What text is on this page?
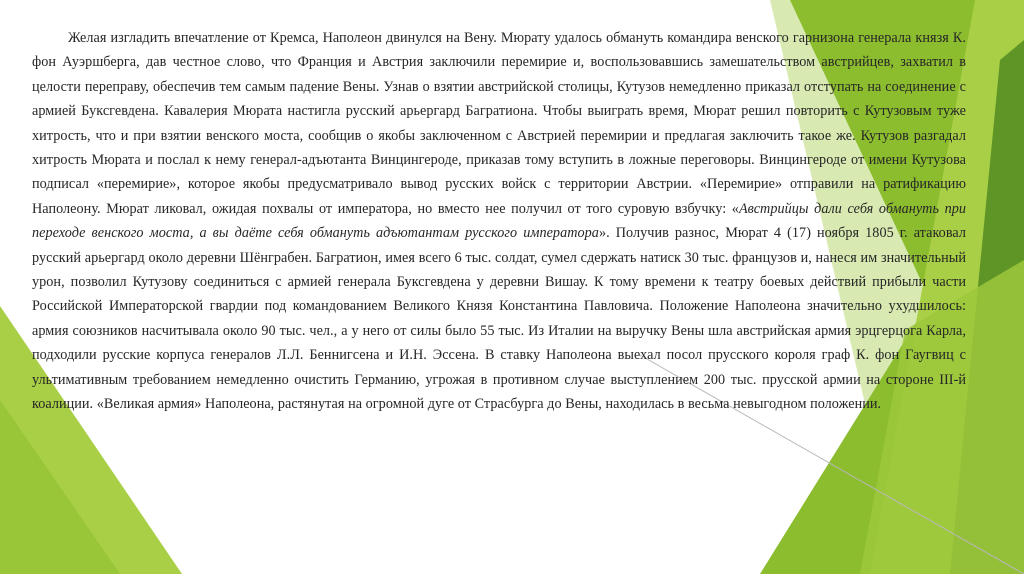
Желая изгладить впечатление от Кремса, Наполеон двинулся на Вену. Мюрату удалось обмануть командира венского гарнизона генерала князя К. фон Ауэршберга, дав честное слово, что Франция и Австрия заключили перемирие и, воспользовавшись замешательством австрийцев, захватил в целости переправу, обеспечив тем самым падение Вены. Узнав о взятии австрийской столицы, Кутузов немедленно приказал отступать на соединение с армией Буксгевдена. Кавалерия Мюрата настигла русский арьергард Багратиона. Чтобы выиграть время, Мюрат решил повторить с Кутузовым туже хитрость, что и при взятии венского моста, сообщив о якобы заключенном с Австрией перемирии и предлагая заключить такое же. Кутузов разгадал хитрость Мюрата и послал к нему генерал-адъютанта Винцингероде, приказав тому вступить в ложные переговоры. Винцингероде от имени Кутузова подписал «перемирие», которое якобы предусматривало вывод русских войск с территории Австрии. «Перемирие» отправили на ратификацию Наполеону. Мюрат ликовал, ожидая похвалы от императора, но вместо нее получил от того суровую взбучку: «Австрийцы дали себя обмануть при переходе венского моста, а вы даёте себя обмануть адъютантам русского императора». Получив разнос, Мюрат 4 (17) ноября 1805 г. атаковал русский арьергард около деревни Шёнграбен. Багратион, имея всего 6 тыс. солдат, сумел сдержать натиск 30 тыс. французов и, нанеся им значительный урон, позволил Кутузову соединиться с армией генерала Буксгевдена у деревни Вишау. К тому времени к театру боевых действий прибыли части Российской Императорской гвардии под командованием Великого Князя Константина Павловича. Положение Наполеона значительно ухудшилось: армия союзников насчитывала около 90 тыс. чел., а у него от силы было 55 тыс. Из Италии на выручку Вены шла австрийская армия эрцгерцога Карла, подходили русские корпуса генералов Л.Л. Беннигсена и И.Н. Эссена. В ставку Наполеона выехал посол прусского короля граф К. фон Гаугвиц с ультимативным требованием немедленно очистить Германию, угрожая в противном случае выступлением 200 тыс. прусской армии на стороне III-й коалиции. «Великая армия» Наполеона, растянутая на огромной дуге от Страсбурга до Вены, находилась в весьма невыгодном положении.
